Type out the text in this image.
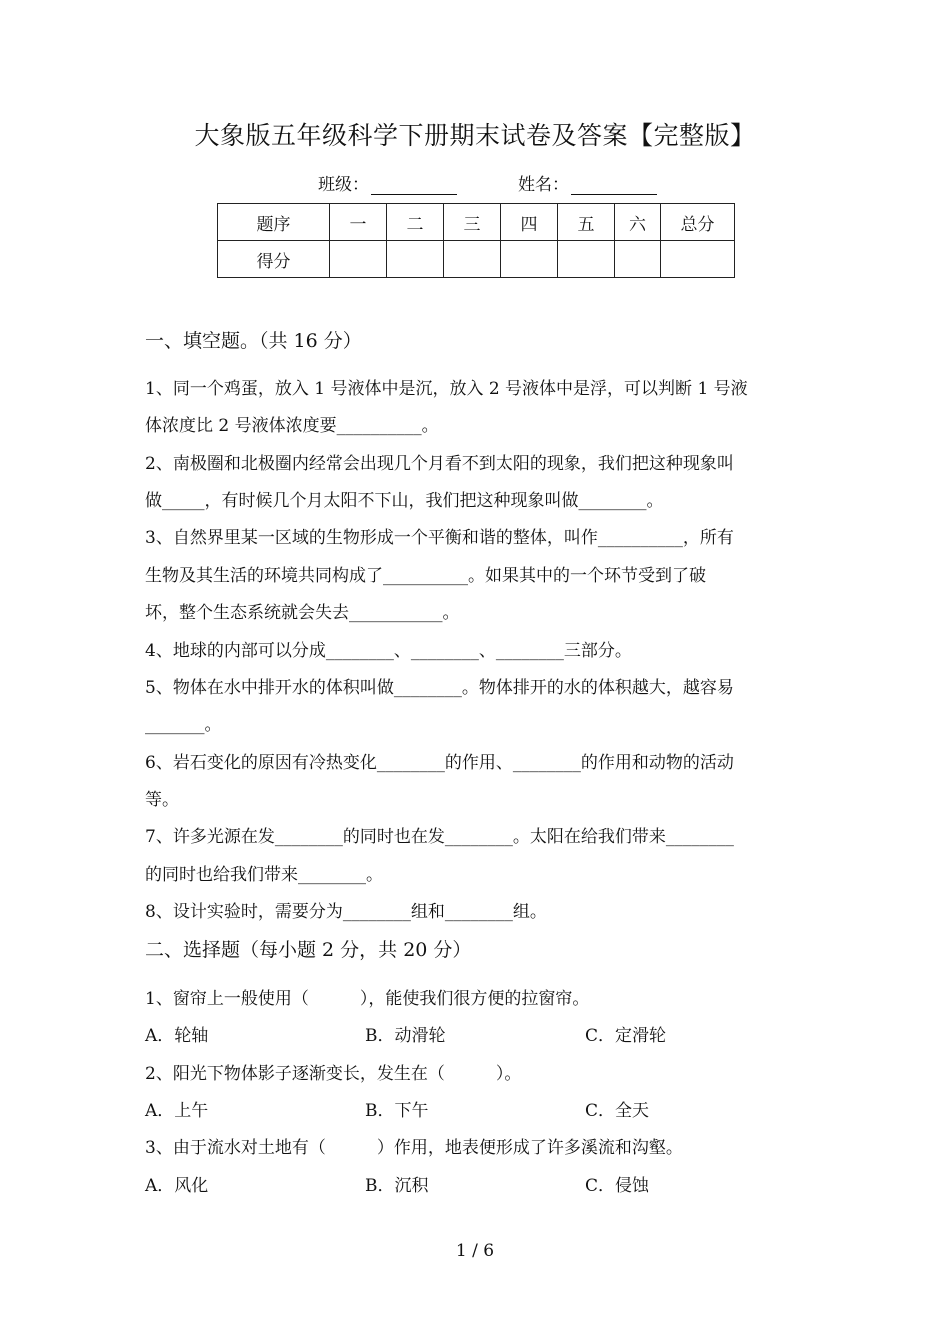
大象版五年级科学下册期末试卷及答案【完整版】
班级：	姓名：
题序	一	二	三	四	五	六	总分
得分							
一、填空题。（共 16 分）
1、同一个鸡蛋，放入 1 号液体中是沉，放入 2 号液体中是浮，可以判断 1 号液
体浓度比 2 号液体浓度要__________。
2、南极圈和北极圈内经常会出现几个月看不到太阳的现象，我们把这种现象叫
做_____，有时候几个月太阳不下山，我们把这种现象叫做________。
3、自然界里某一区域的生物形成一个平衡和谐的整体，叫作__________，所有
生物及其生活的环境共同构成了__________。如果其中的一个环节受到了破
坏，整个生态系统就会失去___________。
4、地球的内部可以分成________、________、________三部分。
5、物体在水中排开水的体积叫做________。物体排开的水的体积越大，越容易
_______。
6、岩石变化的原因有冷热变化________的作用、________的作用和动物的活动
等。
7、许多光源在发________的同时也在发________。太阳在给我们带来________
的同时也给我们带来________。
8、设计实验时，需要分为________组和________组。
二、选择题（每小题 2 分，共 20 分）
1、窗帘上一般使用（　　　），能使我们很方便的拉窗帘。
A．轮轴	B．动滑轮	C．定滑轮
2、阳光下物体影子逐渐变长，发生在（　　　）。
A．上午	B．下午	C．全天
3、由于流水对土地有（　　　）作用，地表便形成了许多溪流和沟壑。
A．风化	B．沉积	C．侵蚀
1 / 6
